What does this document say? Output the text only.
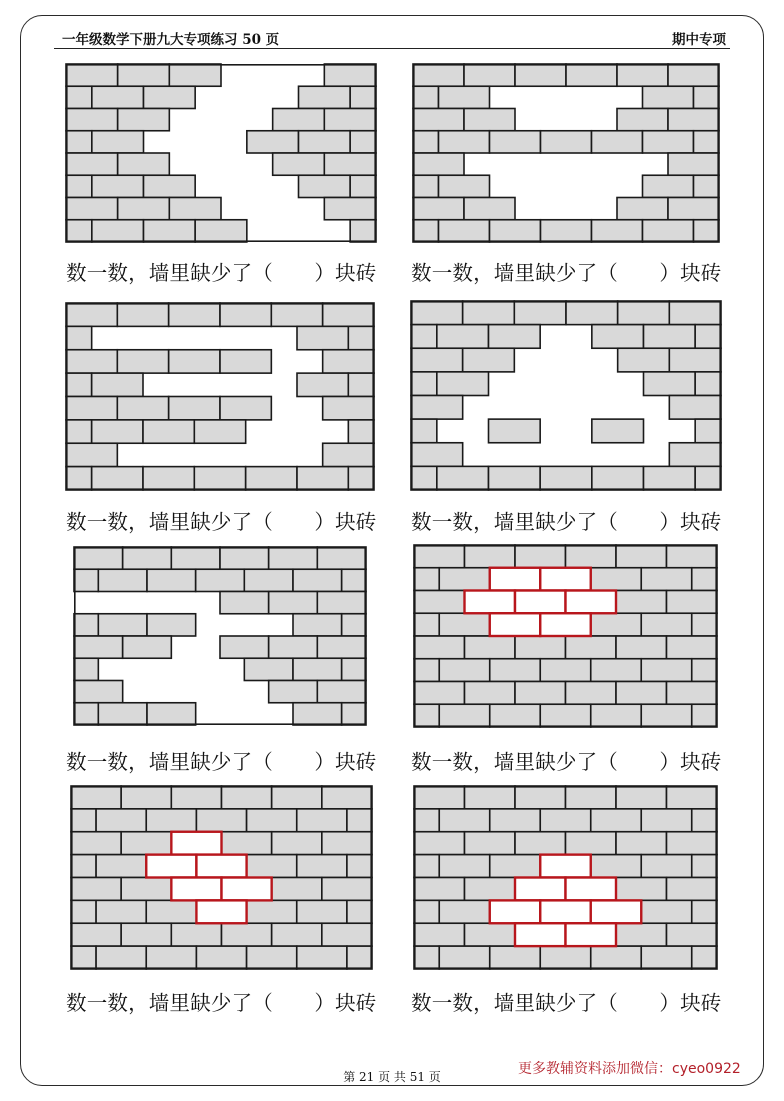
一年级数学下册九大专项练习 50 页	期中专项
数一数，墙里缺少了（　　）块砖 数一数，墙里缺少了（　　）块砖
数一数，墙里缺少了（　　）块砖 数一数，墙里缺少了（　　）块砖
数一数，墙里缺少了（　　）块砖 数一数，墙里缺少了（　　）块砖
数一数，墙里缺少了（　　）块砖 数一数，墙里缺少了（　　）块砖
第 21 页 共 51 页	更多教辅资料添加微信：cyeo0922
